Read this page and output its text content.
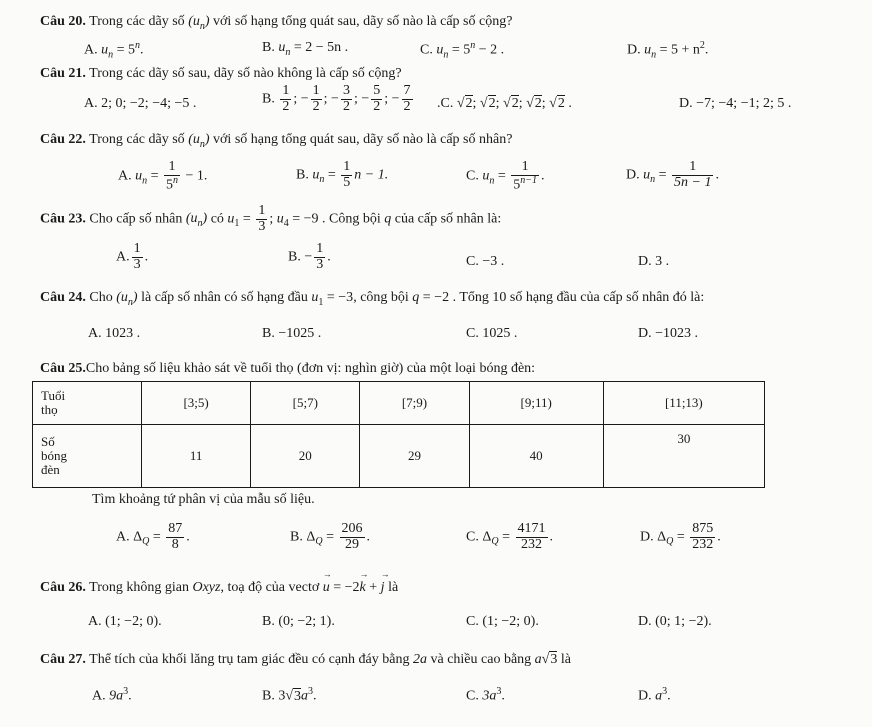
Câu 20. Trong các dãy số $(u_n)$ với số hạng tổng quát sau, dãy số nào là cấp số cộng?
A. $u_n = 5^n$.	B. $u_n = 2 - 5n$ .	C. $u_n = 5^n - 2$ .	D. $u_n = 5 + n^2$.
Câu 21. Trong các dãy số sau, dãy số nào không là cấp số cộng?
A. 2; 0; −2; −4; −5 .	B. $\frac{1}{2}$ ; − $\frac{1}{2}$ ; − $\frac{3}{2}$ ; − $\frac{5}{2}$ ; − $\frac{7}{2} .C$. √2; √2; √2; √2; √2 .	D. −7; −4; −1; 2; 5 .
Câu 22. Trong các dãy số $(u_n)$ với số hạng tổng quát sau, dãy số nào là cấp số nhân?
A. $u_n = \frac{1}{5^n} - 1$.	B. $u_n = \frac{1}{5}$ n − 1.	C. $u_n = \frac{1}{5^{n-1}}$ .	D. $u_n = \frac{1}{5n - 1}$ .
Câu 23. Cho cấp số nhân $(u_n)$ có $u_1 = \frac{1}{3}$ ; $u_4 = -9$ . Công bội q của cấp số nhân là:
A. $\frac{1}{3}$ .	B. − $\frac{1}{3}$ .	C. −3 .	D. 3 .
Câu 24. Cho $(u_n)$ là cấp số nhân có số hạng đầu $u_1 = -3$, công bội q = −2 . Tổng 10 số hạng đầu của cấp số nhân đó là:
A. 1023 .	B. −1025 .	C. 1025 .	D. −1023 .
Câu 25.Cho bảng số liệu khảo sát về tuổi thọ (đơn vị: nghìn giờ) của một loại bóng đèn:
Tuổi
thọ	[3;5)	[5;7)	[7;9)	[9;11)	[11;13)

Số
bóng
đèn	11	20	29	40	30
Tìm khoảng tứ phân vị của mẫu số liệu.
A. $\Delta_Q = \frac{87}{8}$ .	B. $\Delta_Q = \frac{206}{29}$ .	C. $\Delta_Q = \frac{4171}{232}$ .	D. $\Delta_Q = \frac{875}{232}$ .
Câu 26. Trong không gian Oxyz, toạ độ của vectơ → u = −2→ k + → j là
A. (1; −2; 0).	B. (0; −2; 1).	C. (1; −2; 0).	D. (0; 1; −2).
Câu 27. Thể tích của khối lăng trụ tam giác đều có cạnh đáy bằng 2a và chiều cao bằng a√3 là
A. $9a^3$.	B. $3√3a^3$.	C. $3a^3$.	D. $a^3$.
